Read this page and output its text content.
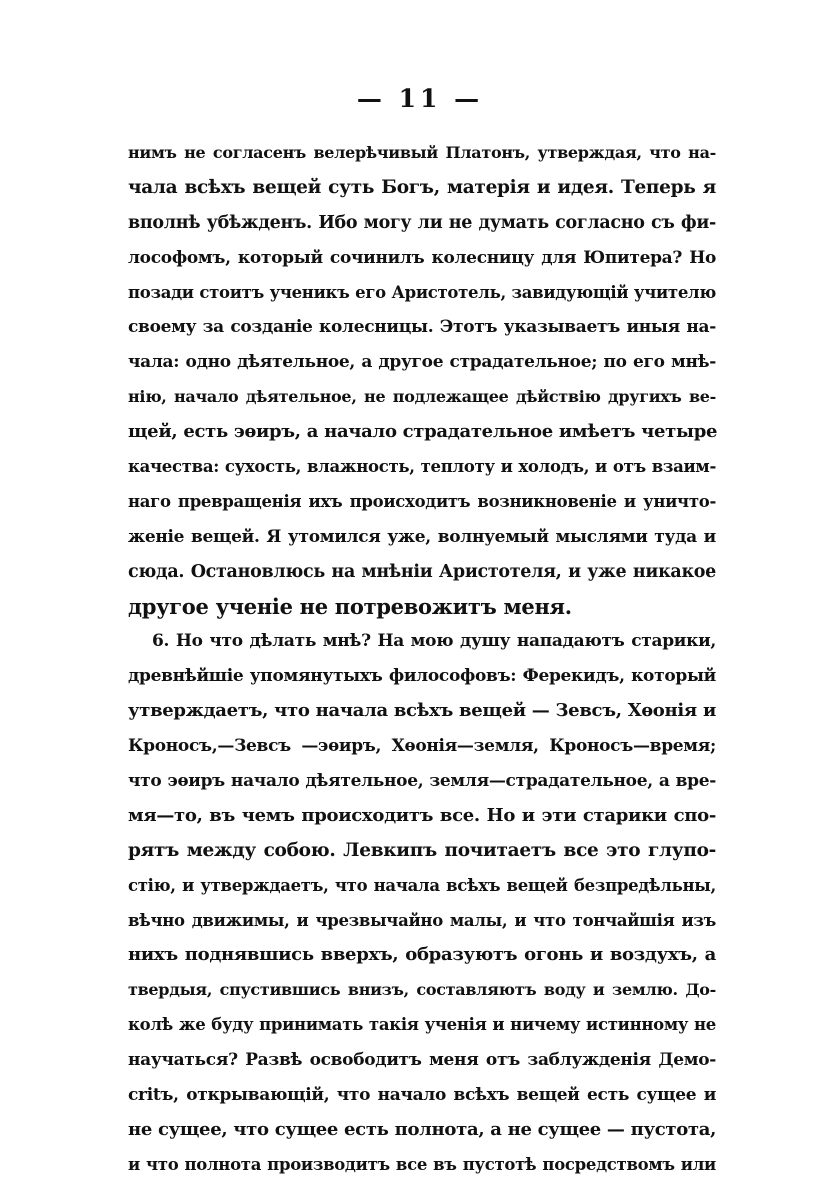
— 11 —
нимъ не согласенъ велерѣчивый Платонъ, утверждая, что на-
чала всѣхъ вещей суть Богъ, матерія и идея. Теперь я
вполнѣ убѣжденъ. Ибо могу ли не думать согласно съ фи-
лософомъ, который сочинилъ колесницу для Юпитера? Но
позади стоитъ ученикъ его Аристотель, завидующій учителю
своему за созданіе колесницы. Этотъ указываетъ иныя на-
чала: одно дѣятельное, а другое страдательное; по его мнѣ-
нію, начало дѣятельное, не подлежащее дѣйствію другихъ ве-
щей, есть эѳиръ, а начало страдательное имѣетъ четыре
качества: сухость, влажность, теплоту и холодъ, и отъ взаим-
наго превращенія ихъ происходитъ возникновеніе и уничто-
женіе вещей. Я утомился уже, волнуемый мыслями туда и
сюда. Остановлюсь на мнѣніи Аристотеля, и уже никакое
другое ученіе не потревожитъ меня.
6. Но что дѣлать мнѣ? На мою душу нападаютъ старики,
древнѣйшіе упомянутыхъ философовъ: Ферекидъ, который
утверждаетъ, что начала всѣхъ вещей — Зевсъ, Хѳонія и
Кроносъ,—Зевсъ —эѳиръ, Хѳонія—земля, Кроносъ—время;
что эѳиръ начало дѣятельное, земля—страдательное, а вре-
мя—то, въ чемъ происходитъ все. Но и эти старики спо-
рятъ между собою. Левкипъ почитаетъ все это глупо-
стію, и утверждаетъ, что начала всѣхъ вещей безпредѣльны,
вѣчно движимы, и чрезвычайно малы, и что тончайшія изъ
нихъ поднявшись вверхъ, образуютъ огонь и воздухъ, а
твердыя, спустившись внизъ, составляютъ воду и землю. До-
колѣ же буду принимать такія ученія и ничему истинному не
научаться? Развѣ освободитъ меня отъ заблужденія Демо-
critъ, открывающій, что начало всѣхъ вещей есть сущее и
не сущее, что сущее есть полнота, а не сущее — пустота,
и что полнота производитъ все въ пустотѣ посредствомъ или
